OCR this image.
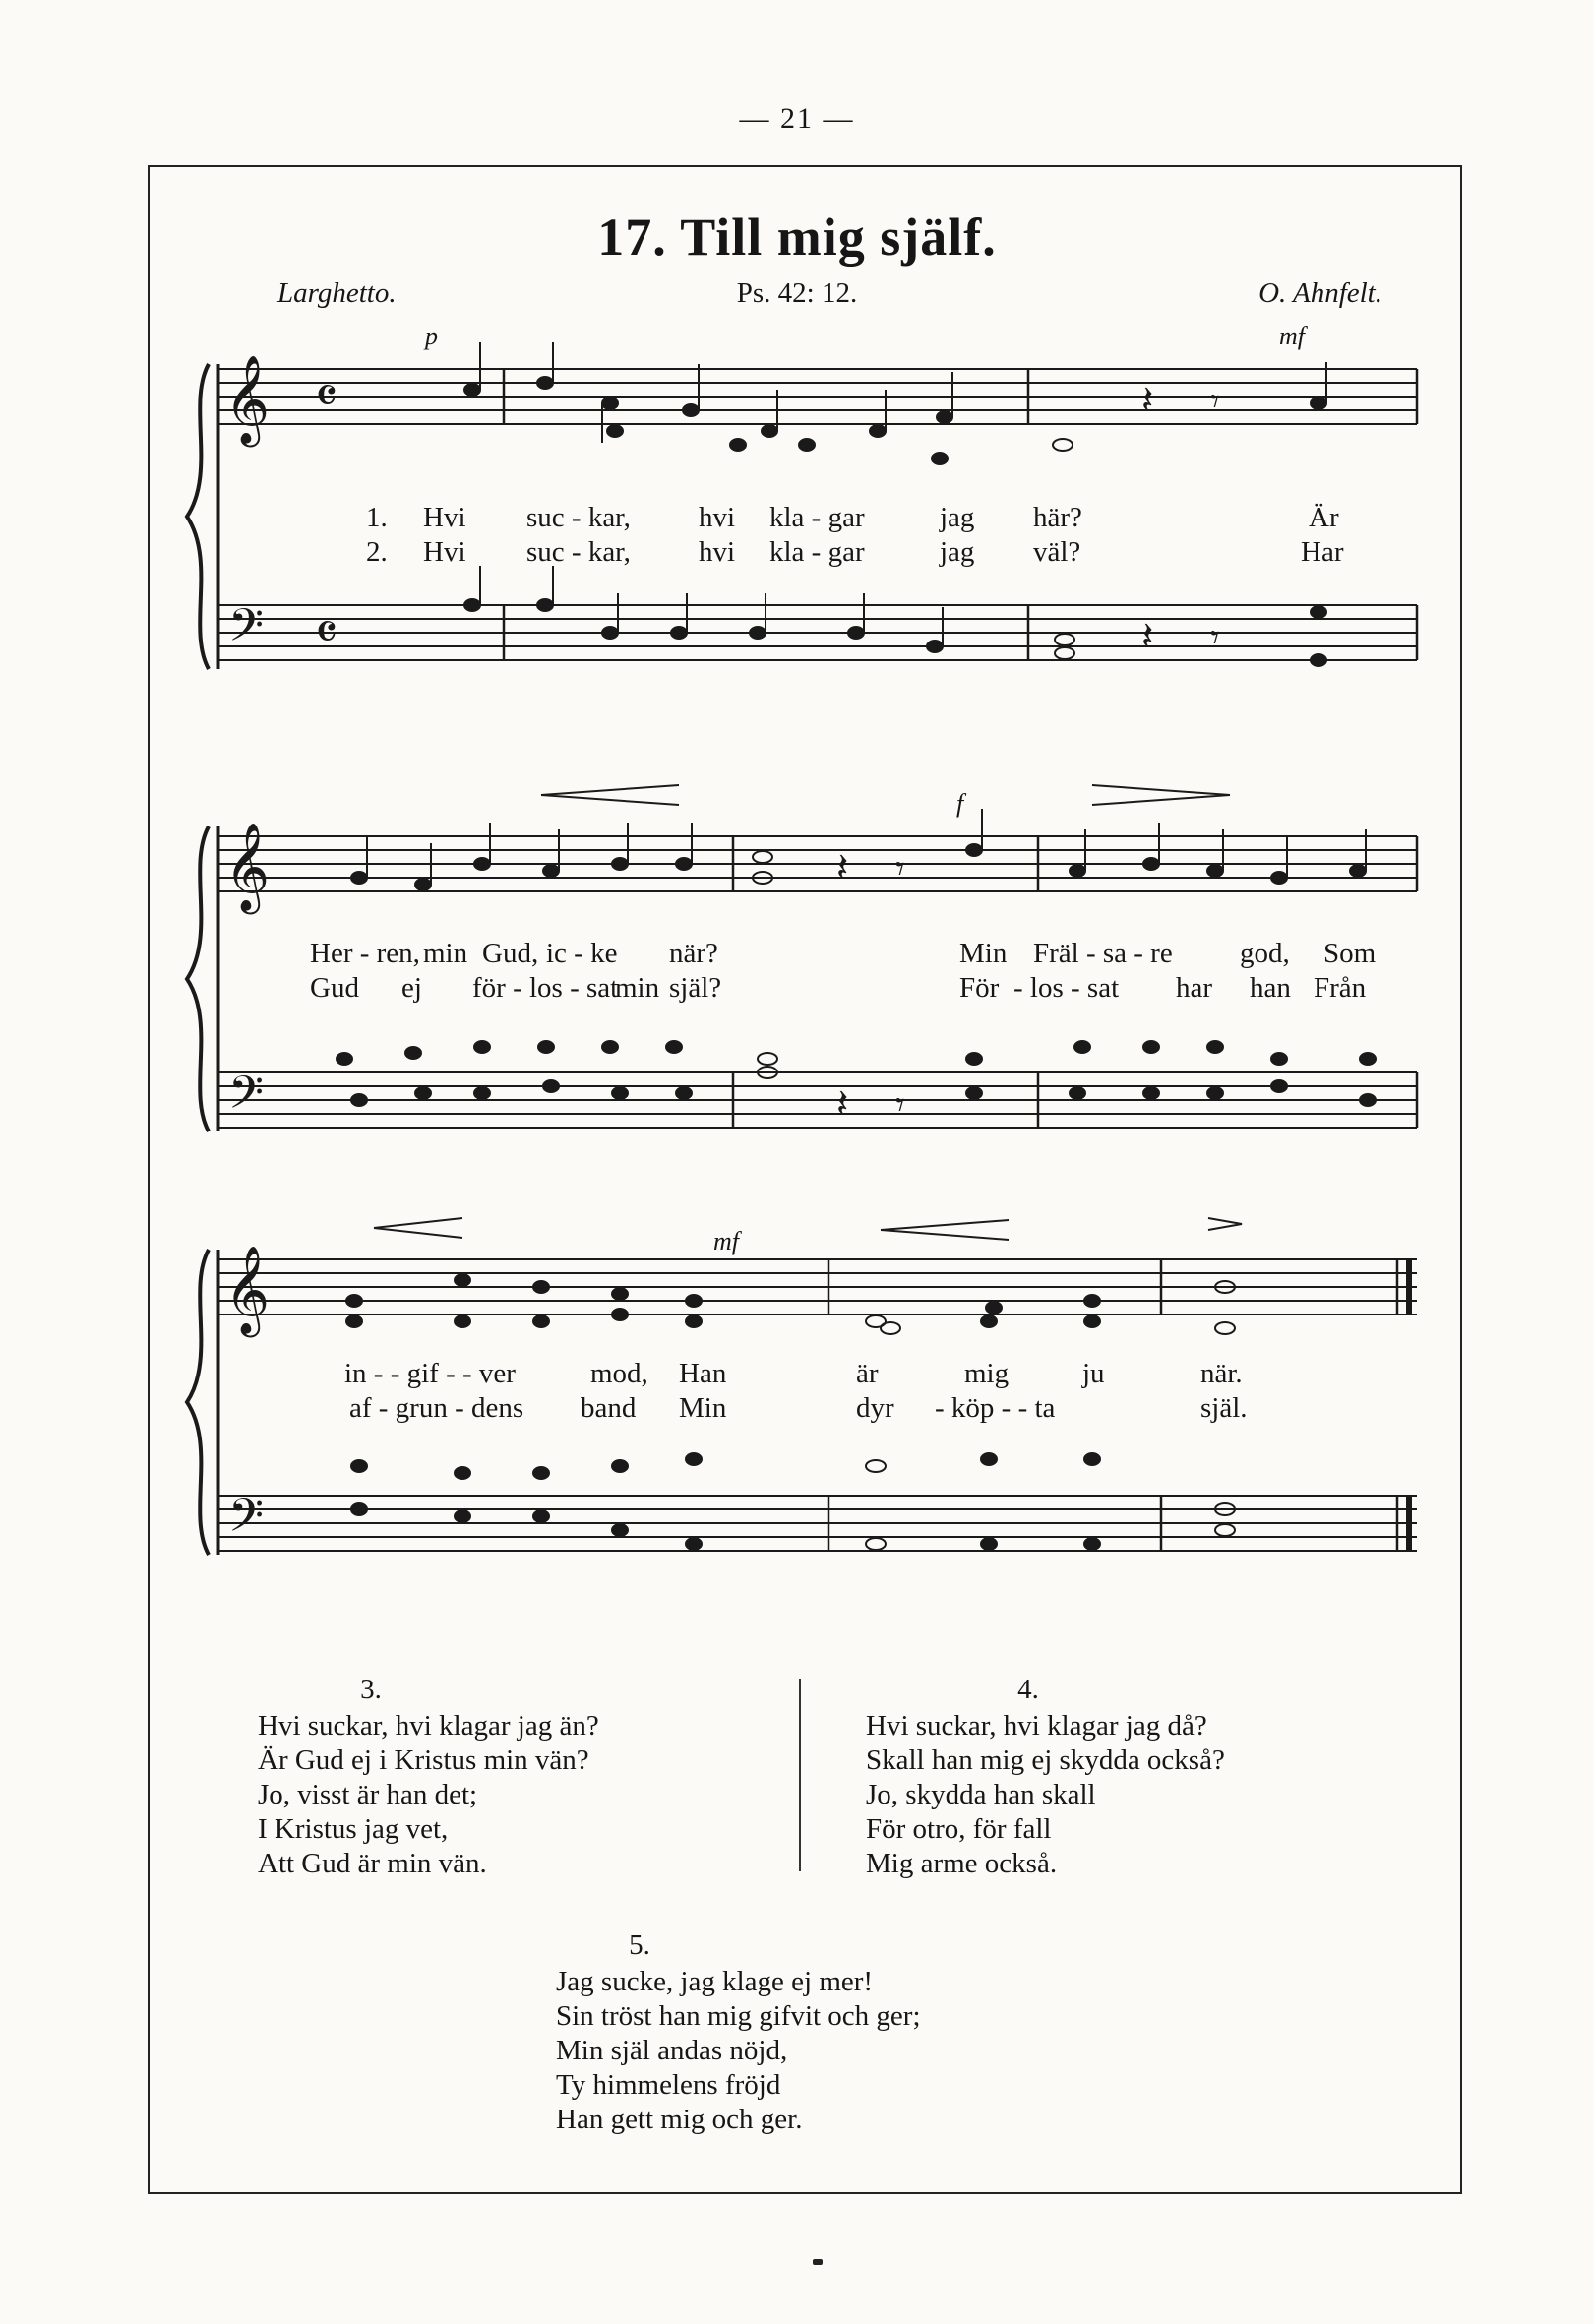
— 21 —
17. Till mig själf.
Larghetto.	Ps. 42: 12.	O. Ahnfelt.
𝄞
𝄢
𝄴
𝄴
𝄽 𝄾
𝄽 𝄾
p	mf
1. Hvi suc - kar, hvi kla - gar	jag här?	Är
2. Hvi suc - kar, hvi kla - gar	jag väl?	Har
𝄞
𝄢
𝄽 𝄾
𝄽 𝄾
f
Her - ren, min Gud, ic - ke när?	Min Fräl - sa - re god, Som
Gud ej för - los - sat
min själ?	För - los - sat har han Från
𝄞
𝄢
mf
in - - gif - - ver	mod, Han	är	mig	ju	när.
af - grun - dens band Min	dyr - köp - - ta	själ.
3.
Hvi suckar, hvi klagar jag än?
Är Gud ej i Kristus min vän?
Jo, visst är han det;
I Kristus jag vet,
Att Gud är min vän.
4.
Hvi suckar, hvi klagar jag då?
Skall han mig ej skydda också?
Jo, skydda han skall
För otro, för fall
Mig arme också.
5.
Jag sucke, jag klage ej mer!
Sin tröst han mig gifvit och ger;
Min själ andas nöjd,
Ty himmelens fröjd
Han gett mig och ger.
